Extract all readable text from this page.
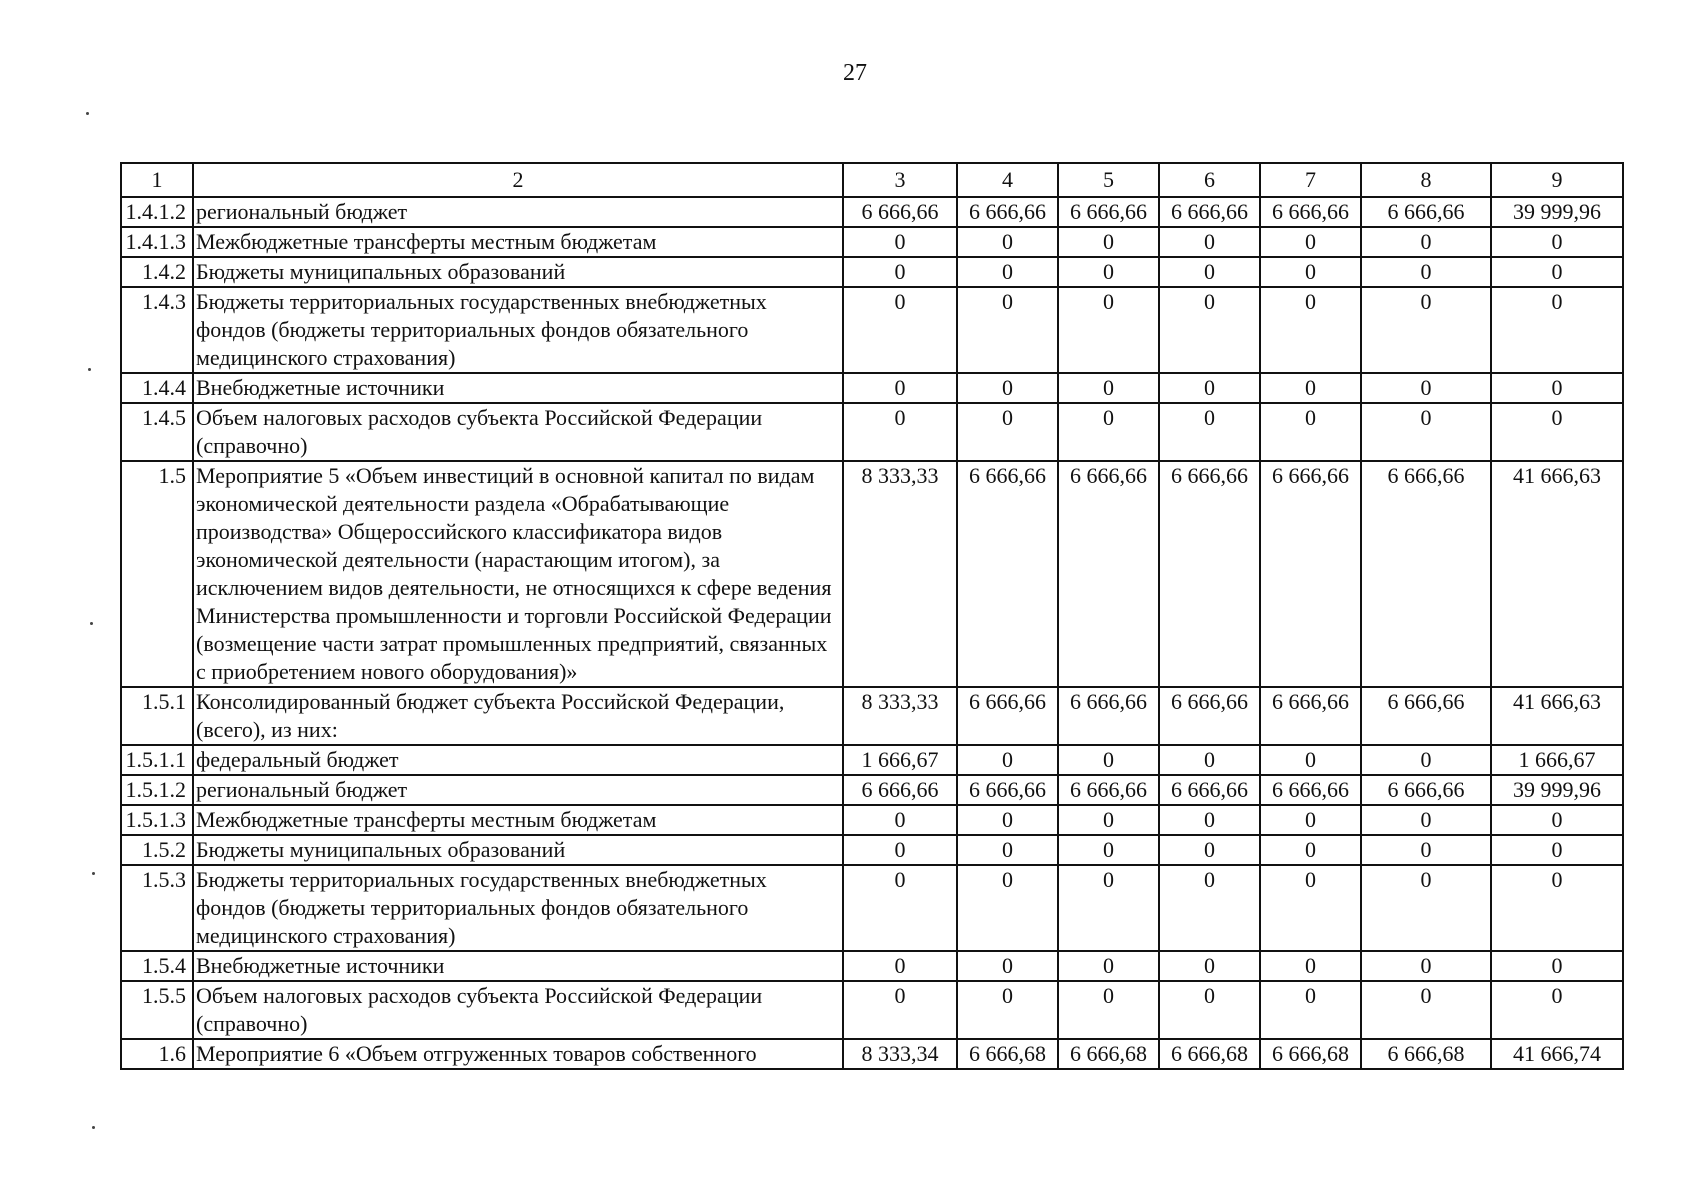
27
1	2	3	4	5	6	7	8	9
1.4.1.2	региональный бюджет	6 666,66	6 666,66	6 666,66	6 666,66	6 666,66	6 666,66	39 999,96
1.4.1.3	Межбюджетные трансферты местным бюджетам	0	0	0	0	0	0	0
1.4.2	Бюджеты муниципальных образований	0	0	0	0	0	0	0
1.4.3	Бюджеты территориальных государственных внебюджетных фондов (бюджеты территориальных фондов обязательного медицинского страхования)	0	0	0	0	0	0	0
1.4.4	Внебюджетные источники	0	0	0	0	0	0	0
1.4.5	Объем налоговых расходов субъекта Российской Федерации (справочно)	0	0	0	0	0	0	0
1.5	Мероприятие 5 «Объем инвестиций в основной капитал по видам экономической деятельности раздела «Обрабатывающие производства» Общероссийского классификатора видов экономической деятельности (нарастающим итогом), за исключением видов деятельности, не относящихся к сфере ведения Министерства промышленности и торговли Российской Федерации (возмещение части затрат промышленных предприятий, связанных с приобретением нового оборудования)»	8 333,33	6 666,66	6 666,66	6 666,66	6 666,66	6 666,66	41 666,63
1.5.1	Консолидированный бюджет субъекта Российской Федерации, (всего), из них:	8 333,33	6 666,66	6 666,66	6 666,66	6 666,66	6 666,66	41 666,63
1.5.1.1	федеральный бюджет	1 666,67	0	0	0	0	0	1 666,67
1.5.1.2	региональный бюджет	6 666,66	6 666,66	6 666,66	6 666,66	6 666,66	6 666,66	39 999,96
1.5.1.3	Межбюджетные трансферты местным бюджетам	0	0	0	0	0	0	0
1.5.2	Бюджеты муниципальных образований	0	0	0	0	0	0	0
1.5.3	Бюджеты территориальных государственных внебюджетных фондов (бюджеты территориальных фондов обязательного медицинского страхования)	0	0	0	0	0	0	0
1.5.4	Внебюджетные источники	0	0	0	0	0	0	0
1.5.5	Объем налоговых расходов субъекта Российской Федерации (справочно)	0	0	0	0	0	0	0
1.6	Мероприятие 6 «Объем отгруженных товаров собственного	8 333,34	6 666,68	6 666,68	6 666,68	6 666,68	6 666,68	41 666,74
